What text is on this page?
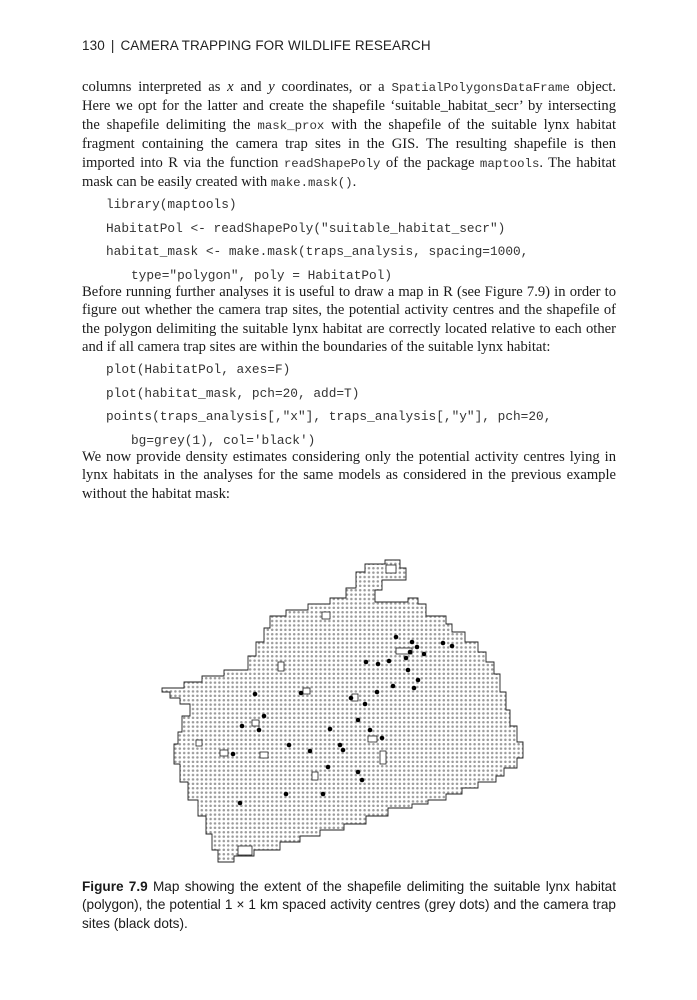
130 | CAMERA TRAPPING FOR WILDLIFE RESEARCH
columns interpreted as x and y coordinates, or a SpatialPolygonsDataFrame object. Here we opt for the latter and create the shapefile ‘suitable_habitat_secr’ by intersecting the shapefile delimiting the mask_prox with the shapefile of the suitable lynx habitat fragment containing the camera trap sites in the GIS. The resulting shapefile is then imported into R via the function readShapePoly of the package maptools. The habitat mask can be easily created with make.mask().
library(maptools)
HabitatPol <- readShapePoly("suitable_habitat_secr")
habitat_mask <- make.mask(traps_analysis, spacing=1000,
type="polygon", poly = HabitatPol)
Before running further analyses it is useful to draw a map in R (see Figure 7.9) in order to figure out whether the camera trap sites, the potential activity centres and the shapefile of the polygon delimiting the suitable lynx habitat are correctly located relative to each other and if all camera trap sites are within the boundaries of the suitable lynx habitat:
plot(HabitatPol, axes=F)
plot(habitat_mask, pch=20, add=T)
points(traps_analysis[,"x"], traps_analysis[,"y"], pch=20,
bg=grey(1), col='black')
We now provide density estimates considering only the potential activity centres lying in lynx habitats in the analyses for the same models as considered in the previous example without the habitat mask:
Figure 7.9 Map showing the extent of the shapefile delimiting the suitable lynx habitat (polygon), the potential 1 × 1 km spaced activity centres (grey dots) and the camera trap sites (black dots).
